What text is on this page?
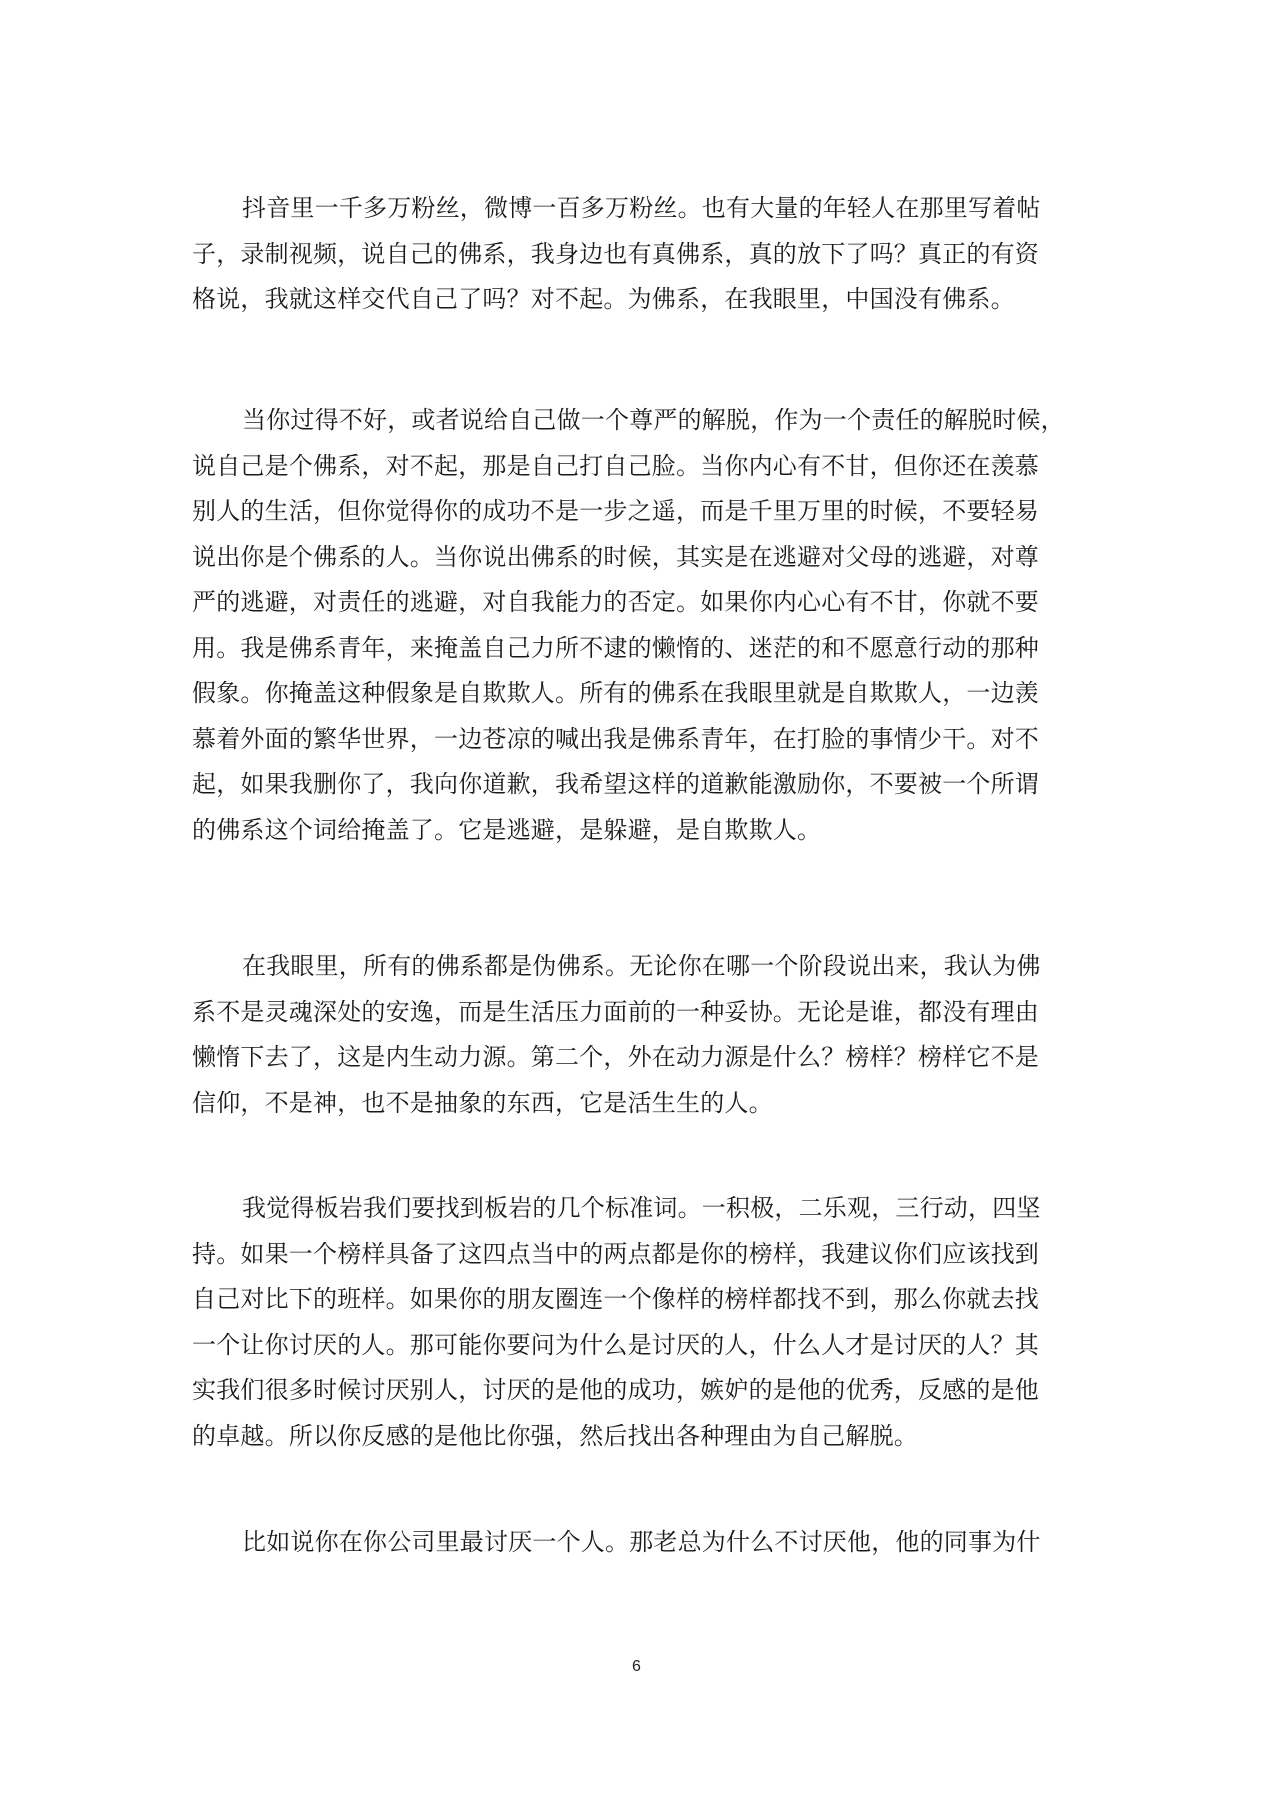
抖音里一千多万粉丝，微博一百多万粉丝。也有大量的年轻人在那里写着帖
子，录制视频，说自己的佛系，我身边也有真佛系，真的放下了吗？真正的有资
格说，我就这样交代自己了吗？对不起。为佛系，在我眼里，中国没有佛系。
当你过得不好，或者说给自己做一个尊严的解脱，作为一个责任的解脱时候，
说自己是个佛系，对不起，那是自己打自己脸。当你内心有不甘，但你还在羡慕
别人的生活，但你觉得你的成功不是一步之遥，而是千里万里的时候，不要轻易
说出你是个佛系的人。当你说出佛系的时候，其实是在逃避对父母的逃避，对尊
严的逃避，对责任的逃避，对自我能力的否定。如果你内心心有不甘，你就不要
用。我是佛系青年，来掩盖自己力所不逮的懒惰的、迷茫的和不愿意行动的那种
假象。你掩盖这种假象是自欺欺人。所有的佛系在我眼里就是自欺欺人，一边羡
慕着外面的繁华世界，一边苍凉的喊出我是佛系青年，在打脸的事情少干。对不
起，如果我删你了，我向你道歉，我希望这样的道歉能激励你，不要被一个所谓
的佛系这个词给掩盖了。它是逃避，是躲避，是自欺欺人。
在我眼里，所有的佛系都是伪佛系。无论你在哪一个阶段说出来，我认为佛
系不是灵魂深处的安逸，而是生活压力面前的一种妥协。无论是谁，都没有理由
懒惰下去了，这是内生动力源。第二个，外在动力源是什么？榜样？榜样它不是
信仰，不是神，也不是抽象的东西，它是活生生的人。
我觉得板岩我们要找到板岩的几个标准词。一积极，二乐观，三行动，四坚
持。如果一个榜样具备了这四点当中的两点都是你的榜样，我建议你们应该找到
自己对比下的班样。如果你的朋友圈连一个像样的榜样都找不到，那么你就去找
一个让你讨厌的人。那可能你要问为什么是讨厌的人，什么人才是讨厌的人？其
实我们很多时候讨厌别人，讨厌的是他的成功，嫉妒的是他的优秀，反感的是他
的卓越。所以你反感的是他比你强，然后找出各种理由为自己解脱。
比如说你在你公司里最讨厌一个人。那老总为什么不讨厌他，他的同事为什
6
